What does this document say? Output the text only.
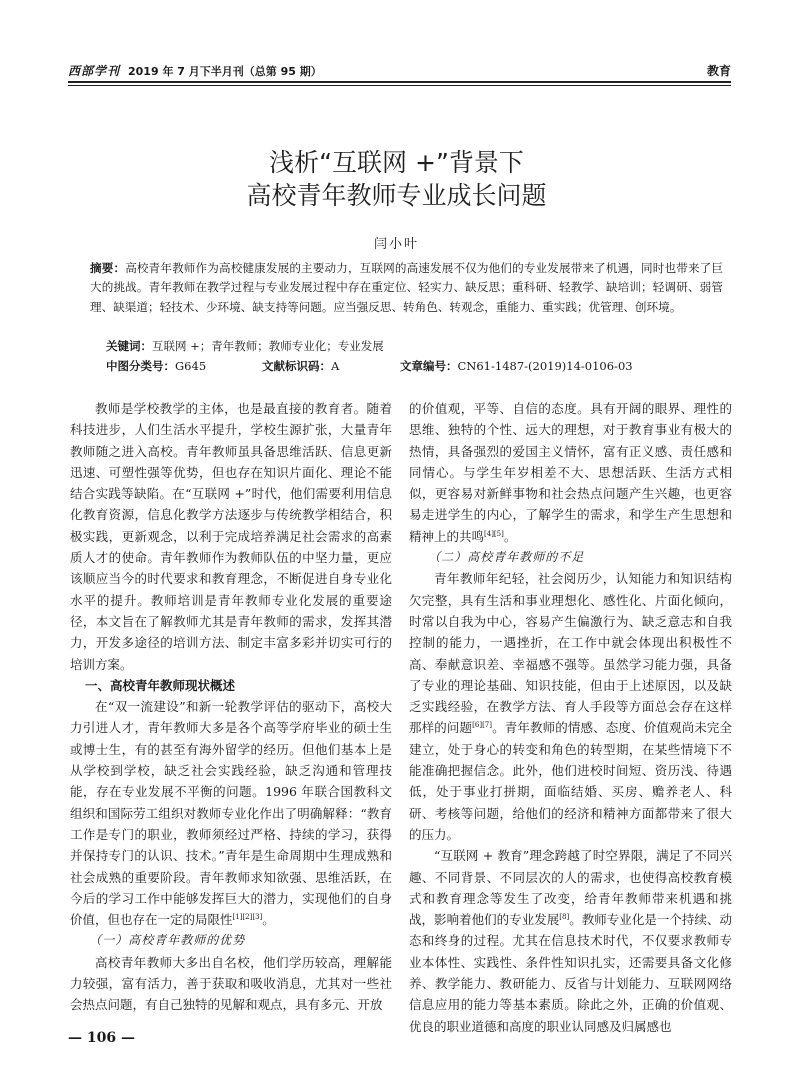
西部学刊 2019 年 7 月下半月刊（总第 95 期）	教育
浅析“互联网 +”背景下
高校青年教师专业成长问题
闫小叶
摘要：高校青年教师作为高校健康发展的主要动力，互联网的高速发展不仅为他们的专业发展带来了机遇，同时也带来了巨大的挑战。青年教师在教学过程与专业发展过程中存在重定位、轻实力、缺反思；重科研、轻教学、缺培训；轻调研、弱管理、缺渠道；轻技术、少环境、缺支持等问题。应当强反思、转角色、转观念，重能力、重实践；优管理、创环境。
关键词：互联网 +；青年教师；教师专业化；专业发展
中图分类号：G645	文献标识码：A	文章编号：CN61-1487-(2019)14-0106-03

教师是学校教学的主体，也是最直接的教育者。随着科技进步，人们生活水平提升，学校生源扩张，大量青年教师随之进入高校。青年教师虽具备思维活跃、信息更新迅速、可塑性强等优势，但也存在知识片面化、理论不能结合实践等缺陷。在“互联网 +”时代，他们需要利用信息化教育资源，信息化教学方法逐步与传统教学相结合，积极实践，更新观念，以利于完成培养满足社会需求的高素质人才的使命。青年教师作为教师队伍的中坚力量，更应该顺应当今的时代要求和教育理念，不断促进自身专业化水平的提升。教师培训是青年教师专业化发展的重要途径，本文旨在了解教师尤其是青年教师的需求，发挥其潜力，开发多途径的培训方法、制定丰富多彩并切实可行的培训方案。

一、高校青年教师现状概述

在“双一流建设”和新一轮教学评估的驱动下，高校大力引进人才，青年教师大多是各个高等学府毕业的硕士生或博士生，有的甚至有海外留学的经历。但他们基本上是从学校到学校，缺乏社会实践经验，缺乏沟通和管理技能，存在专业发展不平衡的问题。1996 年联合国教科文组织和国际劳工组织对教师专业化作出了明确解释：“教育工作是专门的职业，教师须经过严格、持续的学习，获得并保持专门的认识、技术。”青年是生命周期中生理成熟和社会成熟的重要阶段。青年教师求知欲强、思维活跃，在今后的学习工作中能够发挥巨大的潜力，实现他们的自身价值，但也存在一定的局限性[1][2][3]。

（一）高校青年教师的优势

高校青年教师大多出自名校，他们学历较高，理解能力较强，富有活力，善于获取和吸收消息，尤其对一些社会热点问题，有自己独特的见解和观点，具有多元、开放

的价值观，平等、自信的态度。具有开阔的眼界、理性的思维、独特的个性、远大的理想，对于教育事业有极大的热情，具备强烈的爱国主义情怀，富有正义感、责任感和同情心。与学生年岁相差不大、思想活跃、生活方式相似，更容易对新鲜事物和社会热点问题产生兴趣，也更容易走进学生的内心，了解学生的需求，和学生产生思想和精神上的共鸣[4][5]。

（二）高校青年教师的不足

青年教师年纪轻，社会阅历少，认知能力和知识结构欠完整，具有生活和事业理想化、感性化、片面化倾向，时常以自我为中心，容易产生偏激行为、缺乏意志和自我控制的能力，一遇挫折，在工作中就会体现出积极性不高、奉献意识差、幸福感不强等。虽然学习能力强，具备了专业的理论基础、知识技能，但由于上述原因，以及缺乏实践经验，在教学方法、育人手段等方面总会存在这样那样的问题[6][7]。青年教师的情感、态度、价值观尚未完全建立，处于身心的转变和角色的转型期，在某些情境下不能准确把握信念。此外，他们进校时间短、资历浅、待遇低，处于事业打拼期，面临结婚、买房、赡养老人、科研、考核等问题，给他们的经济和精神方面都带来了很大的压力。

“互联网 + 教育”理念跨越了时空界限，满足了不同兴趣、不同背景、不同层次的人的需求，也使得高校教育模式和教育理念等发生了改变，给青年教师带来机遇和挑战，影响着他们的专业发展[8]。教师专业化是一个持续、动态和终身的过程。尤其在信息技术时代，不仅要求教师专业本体性、实践性、条件性知识扎实，还需要具备文化修养、教学能力、教研能力、反省与计划能力、互联网网络信息应用的能力等基本素质。除此之外，正确的价值观、优良的职业道德和高度的职业认同感及归属感也

— 106 —
